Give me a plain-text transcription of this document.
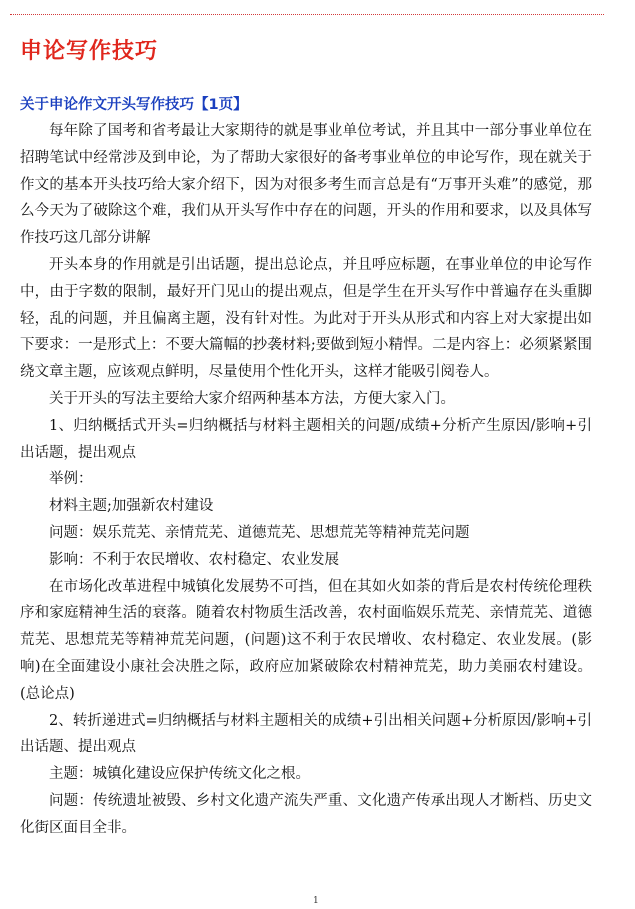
申论写作技巧
关于申论作文开头写作技巧【1页】

每年除了国考和省考最让大家期待的就是事业单位考试，并且其中一部分事业单位在招聘笔试中经常涉及到申论，为了帮助大家很好的备考事业单位的申论写作，现在就关于作文的基本开头技巧给大家介绍下，因为对很多考生而言总是有“万事开头难”的感觉，那么今天为了破除这个难，我们从开头写作中存在的问题，开头的作用和要求，以及具体写作技巧这几部分讲解

开头本身的作用就是引出话题，提出总论点，并且呼应标题，在事业单位的申论写作中，由于字数的限制，最好开门见山的提出观点，但是学生在开头写作中普遍存在头重脚轻，乱的问题，并且偏离主题，没有针对性。为此对于开头从形式和内容上对大家提出如下要求：一是形式上：不要大篇幅的抄袭材料;要做到短小精悍。二是内容上：必须紧紧围绕文章主题，应该观点鲜明，尽量使用个性化开头，这样才能吸引阅卷人。

关于开头的写法主要给大家介绍两种基本方法，方便大家入门。

1、归纳概括式开头=归纳概括与材料主题相关的问题/成绩+分析产生原因/影响+引出话题，提出观点

举例：

材料主题;加强新农村建设

问题：娱乐荒芜、亲情荒芜、道德荒芜、思想荒芜等精神荒芜问题

影响：不利于农民增收、农村稳定、农业发展

在市场化改革进程中城镇化发展势不可挡，但在其如火如荼的背后是农村传统伦理秩序和家庭精神生活的衰落。随着农村物质生活改善，农村面临娱乐荒芜、亲情荒芜、道德荒芜、思想荒芜等精神荒芜问题，(问题)这不利于农民增收、农村稳定、农业发展。(影响)在全面建设小康社会决胜之际，政府应加紧破除农村精神荒芜，助力美丽农村建设。(总论点)

2、转折递进式=归纳概括与材料主题相关的成绩+引出相关问题+分析原因/影响+引出话题、提出观点

主题：城镇化建设应保护传统文化之根。

问题：传统遗址被毁、乡村文化遗产流失严重、文化遗产传承出现人才断档、历史文化街区面目全非。

1
